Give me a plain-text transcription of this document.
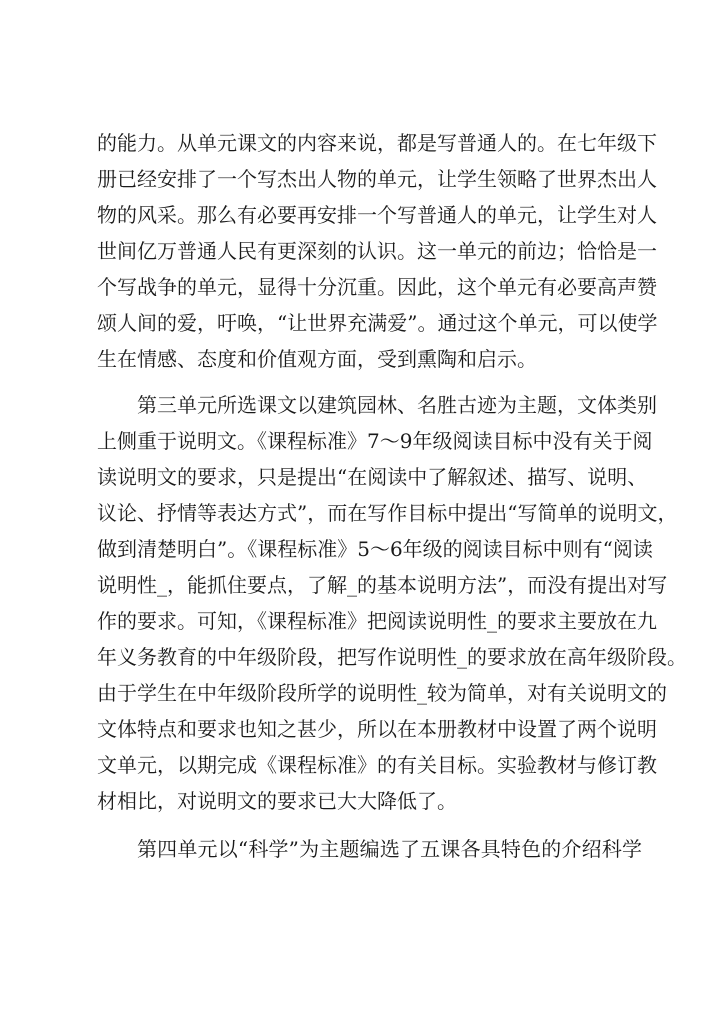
的能力。从单元课文的内容来说，都是写普通人的。在七年级下
册已经安排了一个写杰出人物的单元，让学生领略了世界杰出人
物的风采。那么有必要再安排一个写普通人的单元，让学生对人
世间亿万普通人民有更深刻的认识。这一单元的前边；恰恰是一
个写战争的单元，显得十分沉重。因此，这个单元有必要高声赞
颂人间的爱，吁唤，“让世界充满爱”。通过这个单元，可以使学
生在情感、态度和价值观方面，受到熏陶和启示。
第三单元所选课文以建筑园林、名胜古迹为主题，文体类别
上侧重于说明文。《课程标准》7～9年级阅读目标中没有关于阅
读说明文的要求，只是提出“在阅读中了解叙述、描写、说明、
议论、抒情等表达方式”，而在写作目标中提出“写简单的说明文，
做到清楚明白”。《课程标准》5～6年级的阅读目标中则有“阅读
说明性_，能抓住要点，了解_的基本说明方法”，而没有提出对写
作的要求。可知，《课程标准》把阅读说明性_的要求主要放在九
年义务教育的中年级阶段，把写作说明性_的要求放在高年级阶段。
由于学生在中年级阶段所学的说明性_较为简单，对有关说明文的
文体特点和要求也知之甚少，所以在本册教材中设置了两个说明
文单元，以期完成《课程标准》的有关目标。实验教材与修订教
材相比，对说明文的要求已大大降低了。
第四单元以“科学”为主题编选了五课各具特色的介绍科学
